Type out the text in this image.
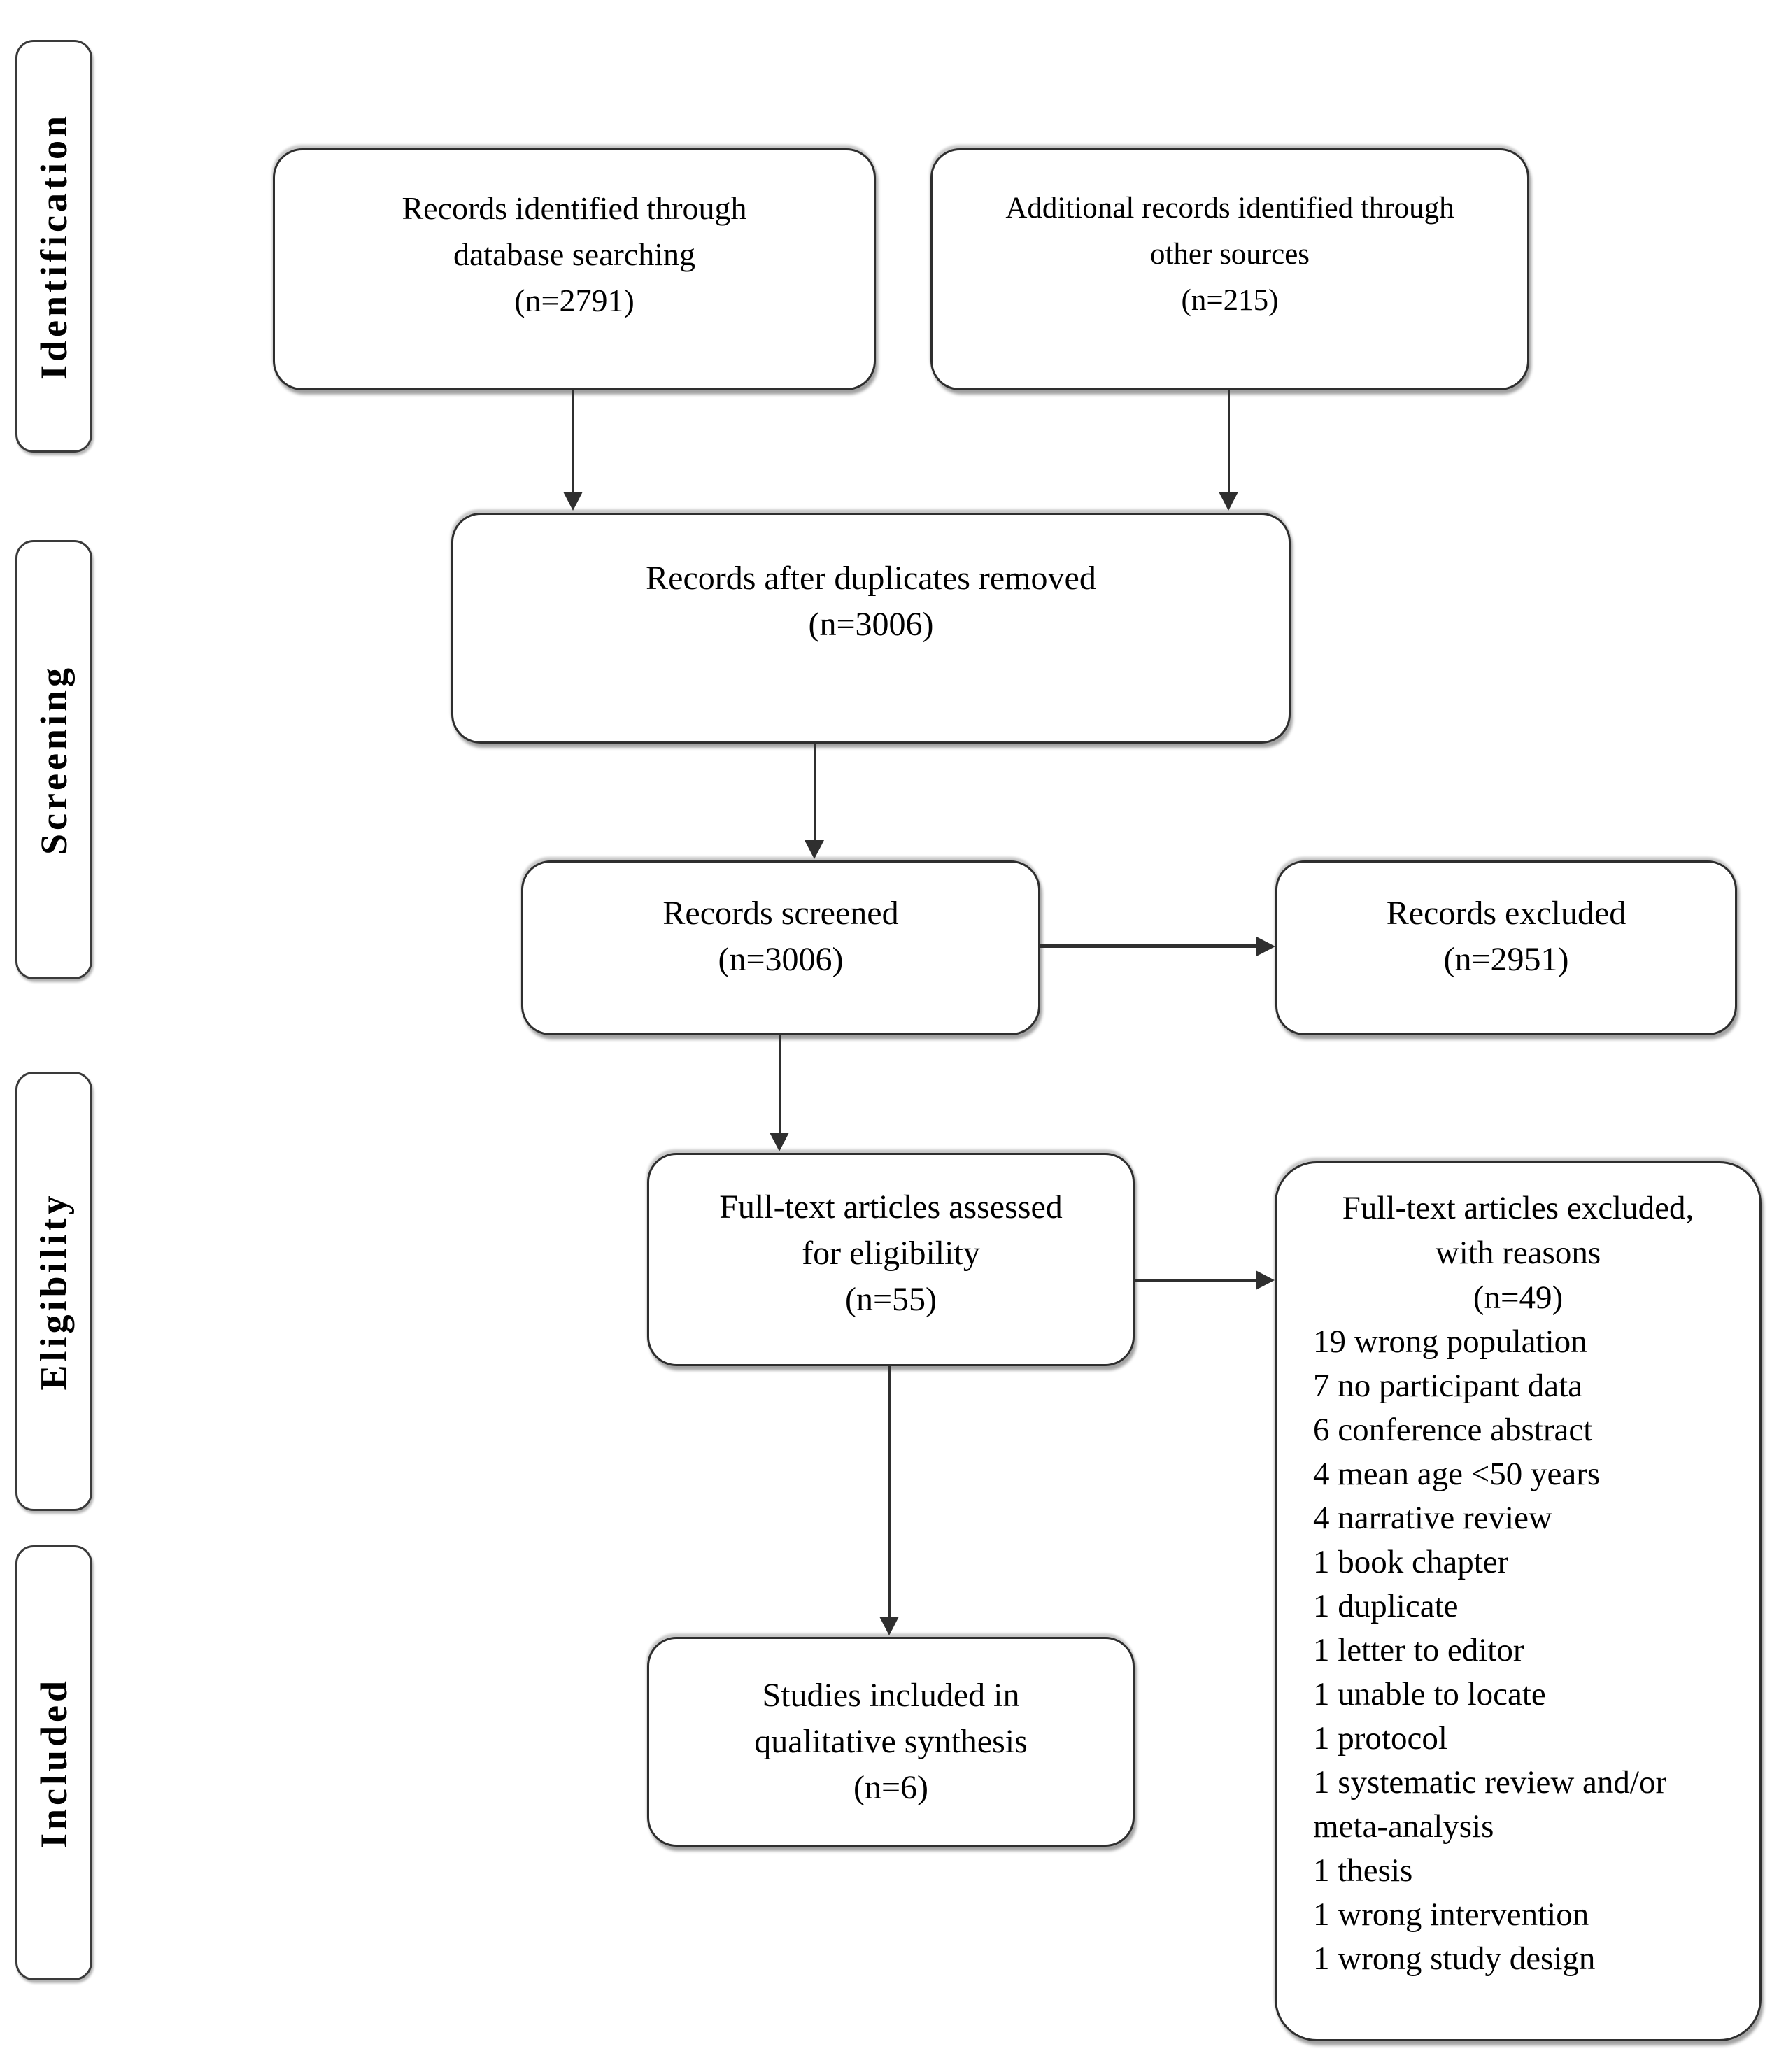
Identification
Screening
Eligibility
Included
Records identified through
database searching
(n=2791)
Additional records identified through
other sources
(n=215)
Records after duplicates removed
(n=3006)
Records screened
(n=3006)
Records excluded
(n=2951)
Full-text articles assessed
for eligibility
(n=55)
Full-text articles excluded,
with reasons
(n=49)
19 wrong population
7 no participant data
6 conference abstract
4 mean age <50 years
4 narrative review
1 book chapter
1 duplicate
1 letter to editor
1 unable to locate
1 protocol
1 systematic review and/or meta-analysis
1 thesis
1 wrong intervention
1 wrong study design
Studies included in
qualitative synthesis
(n=6)
